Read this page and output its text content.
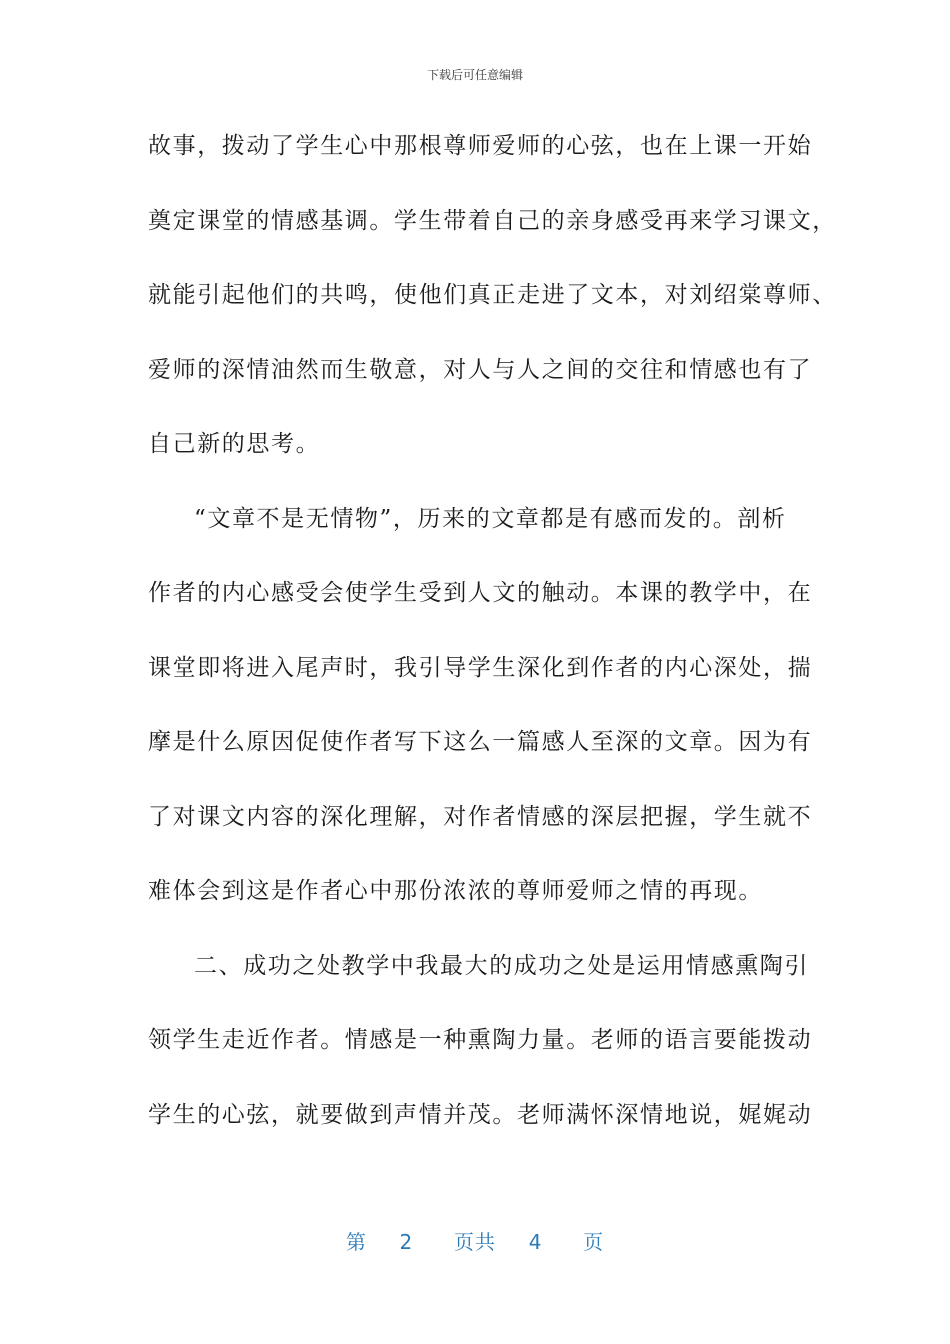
下载后可任意编辑
故事，拨动了学生心中那根尊师爱师的心弦，也在上课一开始
奠定课堂的情感基调。学生带着自己的亲身感受再来学习课文，
就能引起他们的共鸣，使他们真正走进了文本，对刘绍棠尊师、
爱师的深情油然而生敬意，对人与人之间的交往和情感也有了
自己新的思考。
“文章不是无情物”，历来的文章都是有感而发的。剖析
作者的内心感受会使学生受到人文的触动。本课的教学中，在
课堂即将进入尾声时，我引导学生深化到作者的内心深处，揣
摩是什么原因促使作者写下这么一篇感人至深的文章。因为有
了对课文内容的深化理解，对作者情感的深层把握，学生就不
难体会到这是作者心中那份浓浓的尊师爱师之情的再现。
二、成功之处教学中我最大的成功之处是运用情感熏陶引
领学生走近作者。情感是一种熏陶力量。老师的语言要能拨动
学生的心弦，就要做到声情并茂。老师满怀深情地说，娓娓动
第 2 页共 4 页
